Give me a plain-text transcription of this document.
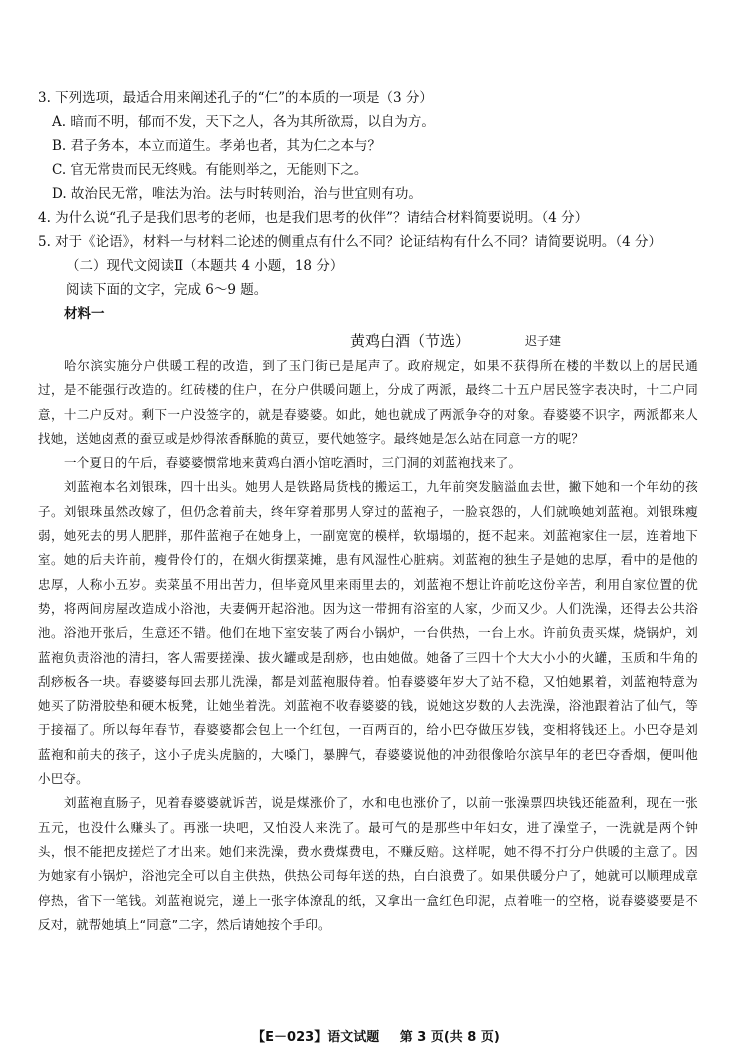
3. 下列选项，最适合用来阐述孔子的“仁”的本质的一项是（3 分）
A. 暗而不明，郁而不发，天下之人，各为其所欲焉，以自为方。
B. 君子务本，本立而道生。孝弟也者，其为仁之本与？
C. 官无常贵而民无终贱。有能则举之，无能则下之。
D. 故治民无常，唯法为治。法与时转则治，治与世宜则有功。
4. 为什么说“孔子是我们思考的老师，也是我们思考的伙伴”？请结合材料简要说明。（4 分）
5. 对于《论语》，材料一与材料二论述的侧重点有什么不同？论证结构有什么不同？请简要说明。（4 分）
（二）现代文阅读Ⅱ（本题共 4 小题，18 分）
阅读下面的文字，完成 6～9 题。
材料一
黄鸡白酒（节选）	迟子建

哈尔滨实施分户供暖工程的改造，到了玉门街已是尾声了。政府规定，如果不获得所在楼的半数以上的居民通过，是不能强行改造的。红砖楼的住户，在分户供暖问题上，分成了两派，最终二十五户居民签字表决时，十二户同意，十二户反对。剩下一户没签字的，就是春婆婆。如此，她也就成了两派争夺的对象。春婆婆不识字，两派都来人找她，送她卤煮的蚕豆或是炒得浓香酥脆的黄豆，要代她签字。最终她是怎么站在同意一方的呢？

一个夏日的午后，春婆婆惯常地来黄鸡白酒小馆吃酒时，三门洞的刘蓝袍找来了。

刘蓝袍本名刘银珠，四十出头。她男人是铁路局货栈的搬运工，九年前突发脑溢血去世，撇下她和一个年幼的孩子。刘银珠虽然改嫁了，但仍念着前夫，终年穿着那男人穿过的蓝袍子，一脸哀怨的，人们就唤她刘蓝袍。刘银珠瘦弱，她死去的男人肥胖，那件蓝袍子在她身上，一副宽宽的模样，软塌塌的，挺不起来。刘蓝袍家住一层，连着地下室。她的后夫许前，瘦骨伶仃的，在烟火街摆菜摊，患有风湿性心脏病。刘蓝袍的独生子是她的忠厚，看中的是他的忠厚，人称小五岁。卖菜虽不用出苦力，但毕竟风里来雨里去的，刘蓝袍不想让许前吃这份辛苦，利用自家位置的优势，将两间房屋改造成小浴池，夫妻俩开起浴池。因为这一带拥有浴室的人家，少而又少。人们洗澡，还得去公共浴池。浴池开张后，生意还不错。他们在地下室安装了两台小锅炉，一台供热，一台上水。许前负责买煤，烧锅炉，刘蓝袍负责浴池的清扫，客人需要搓澡、拔火罐或是刮痧，也由她做。她备了三四十个大大小小的火罐，玉质和牛角的刮痧板各一块。春婆婆每回去那儿洗澡，都是刘蓝袍服侍着。怕春婆婆年岁大了站不稳，又怕她累着，刘蓝袍特意为她买了防滑胶垫和硬木板凳，让她坐着洗。刘蓝袍不收春婆婆的钱，说她这岁数的人去洗澡，浴池跟着沾了仙气，等于接福了。所以每年春节，春婆婆都会包上一个红包，一百两百的，给小巴夺做压岁钱，变相将钱还上。小巴夺是刘蓝袍和前夫的孩子，这小子虎头虎脑的，大嗓门，暴脾气，春婆婆说他的冲劲很像哈尔滨早年的老巴夺香烟，便叫他小巴夺。

刘蓝袍直肠子，见着春婆婆就诉苦，说是煤涨价了，水和电也涨价了，以前一张澡票四块钱还能盈利，现在一张五元，也没什么赚头了。再涨一块吧，又怕没人来洗了。最可气的是那些中年妇女，进了澡堂子，一洗就是两个钟头，恨不能把皮搓烂了才出来。她们来洗澡，费水费煤费电，不赚反赔。这样呢，她不得不打分户供暖的主意了。因为她家有小锅炉，浴池完全可以自主供热，供热公司每年送的热，白白浪费了。如果供暖分户了，她就可以顺理成章停热，省下一笔钱。刘蓝袍说完，递上一张字体潦乱的纸，又拿出一盒红色印泥，点着唯一的空格，说春婆婆要是不反对，就帮她填上“同意”二字，然后请她按个手印。

【E－023】语文试题 第 3 页(共 8 页)
